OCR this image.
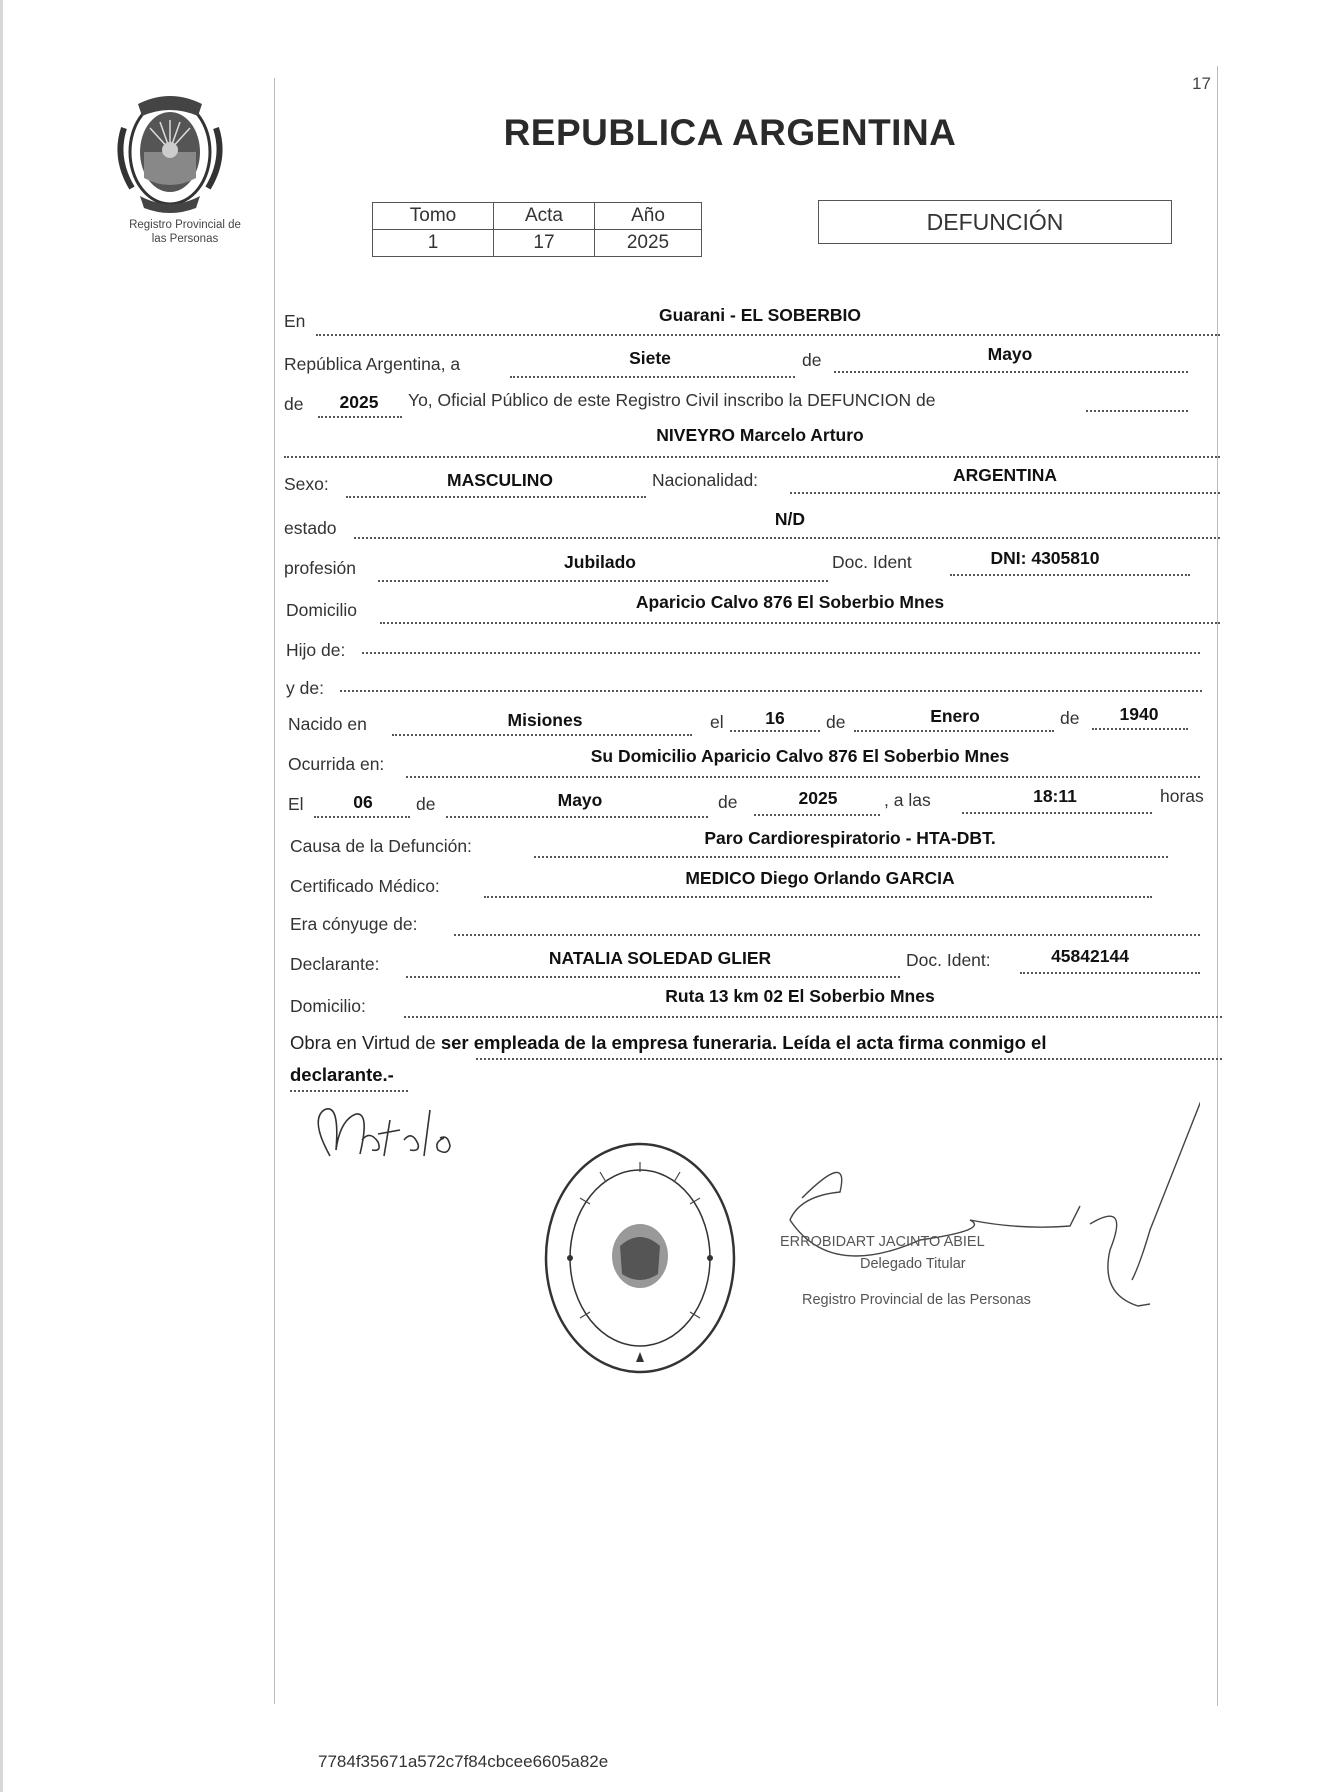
Registro Provincial de
las Personas
17
REPUBLICA ARGENTINA
Tomo	Acta	Año
1	17	2025
DEFUNCIÓN
En	Guarani - EL SOBERBIO
República Argentina, a	Siete	de	Mayo
de	2025	Yo, Oficial Público de este Registro Civil inscribo la DEFUNCION de
NIVEYRO Marcelo Arturo
Sexo:	MASCULINO	Nacionalidad:	ARGENTINA
estado	N/D
profesión	Jubilado	Doc. Ident	DNI: 4305810
Domicilio	Aparicio Calvo 876 El Soberbio Mnes
Hijo de:
y de:
Nacido en	Misiones	el	16	de	Enero	de	1940
Ocurrida en:	Su Domicilio Aparicio Calvo 876 El Soberbio Mnes
El	06	de	Mayo	de	2025	, a las	18:11	horas
Causa de la Defunción:	Paro Cardiorespiratorio - HTA-DBT.
Certificado Médico:	MEDICO Diego Orlando GARCIA
Era cónyuge de:
Declarante:	NATALIA SOLEDAD GLIER	Doc. Ident:	45842144
Domicilio:	Ruta 13 km 02 El Soberbio Mnes
Obra en Virtud de ser empleada de la empresa funeraria. Leída el acta firma conmigo el
declarante.-
ERROBIDART JACINTO ABIEL
Delegado Titular
Registro Provincial de las Personas
7784f35671a572c7f84cbcee6605a82e
